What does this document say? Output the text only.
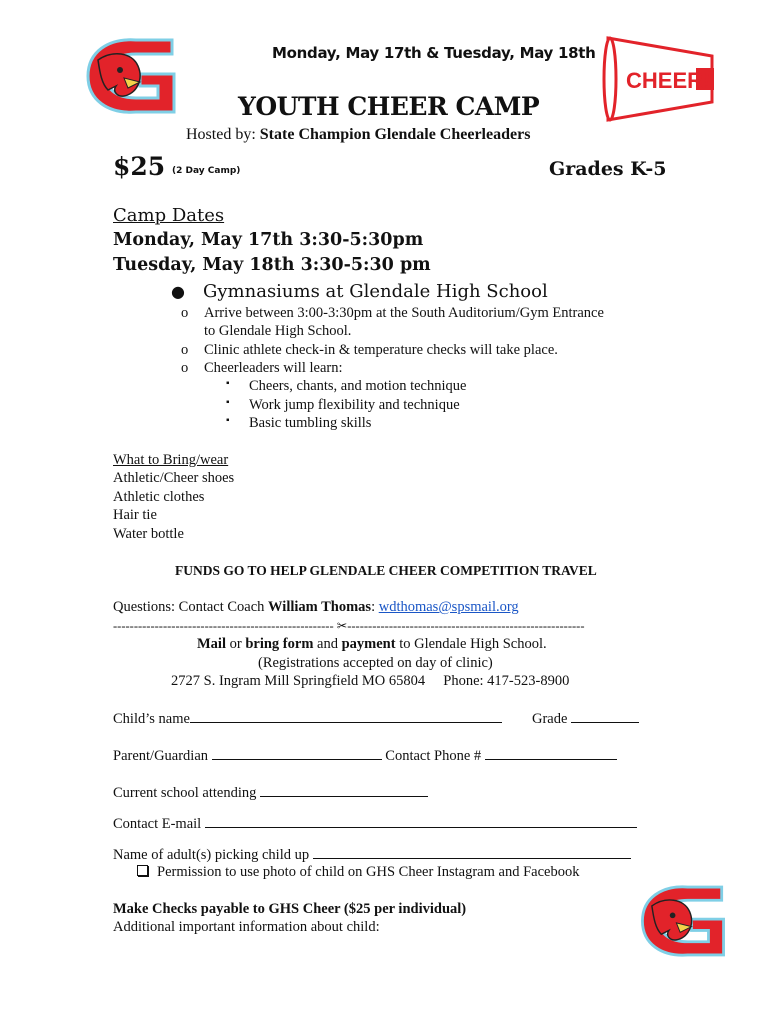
CHEER!
Monday, May 17th & Tuesday, May 18th
YOUTH CHEER CAMP
Hosted by: State Champion Glendale Cheerleaders
$25 (2 Day Camp)	Grades K-5
Camp Dates
Monday, May 17th 3:30-5:30pm
Tuesday, May 18th 3:30-5:30 pm
● Gymnasiums at Glendale High School
o Arrive between 3:00-3:30pm at the South Auditorium/Gym Entrance
to Glendale High School.
o Clinic athlete check-in & temperature checks will take place.
o Cheerleaders will learn:
▪ Cheers, chants, and motion technique
▪ Work jump flexibility and technique
▪ Basic tumbling skills
What to Bring/wear
Athletic/Cheer shoes
Athletic clothes
Hair tie
Water bottle
FUNDS GO TO HELP GLENDALE CHEER COMPETITION TRAVEL
Questions: Contact Coach William Thomas: wdthomas@spsmail.org
----------------------------------------------------- ✂---------------------------------------------------------
Mail or bring form and payment to Glendale High School.
(Registrations accepted on day of clinic)
2727 S. Ingram Mill Springfield MO 65804     Phone: 417-523-8900
Child’s name	Grade
Parent/Guardian	Contact Phone #
Current school attending
Contact E-mail
Name of adult(s) picking child up
Permission to use photo of child on GHS Cheer Instagram and Facebook
Make Checks payable to GHS Cheer ($25 per individual)
Additional important information about child:
